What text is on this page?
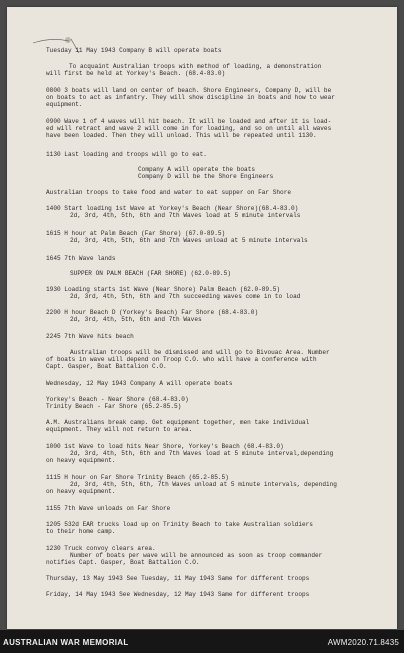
Tuesday 11 May 1943 Company B will operate boats
To acquaint Australian troops with method of loading, a demonstration
will first be held at Yorkey's Beach. (68.4-83.0)
0800 3 boats will land on center of beach. Shore Engineers, Company D, will be
on boats to act as infantry. They will show discipline in boats and how to wear
equipment.
0900 Wave 1 of 4 waves will hit beach. It will be loaded and after it is load-
ed will retract and wave 2 will come in for loading, and so on until all waves
have been loaded. Then they will unload. This will be repeated until 1130.
1130 Last loading and troops will go to eat.
Company A will operate the boats
Company D will be the Shore Engineers
Australian troops to take food and water to eat supper on Far Shore
1400 Start loading 1st Wave at Yorkey's Beach (Near Shore)(68.4-83.0)
2d, 3rd, 4th, 5th, 6th and 7th Waves load at 5 minute intervals
1615 H hour at Palm Beach (Far Shore) (67.0-89.5)
2d, 3rd, 4th, 5th, 6th and 7th Waves unload at 5 minute intervals
1645 7th Wave lands
SUPPER ON PALM BEACH (FAR SHORE) (62.0-89.5)
1930 Loading starts 1st Wave (Near Shore) Palm Beach (62.0-89.5)
2d, 3rd, 4th, 5th, 6th and 7th succeeding waves come in to load
2200 H hour Beach D (Yorkey's Beach) Far Shore (68.4-83.0)
2d, 3rd, 4th, 5th, 6th and 7th Waves
2245 7th Wave hits beach
Australian troops will be dismissed and will go to Bivouac Area. Number
of boats in wave will depend on Troop C.O. who will have a conference with
Capt. Gasper, Boat Battalion C.O.
Wednesday, 12 May 1943 Company A will operate boats
Yorkey's Beach - Near Shore (68.4-83.0)
Trinity Beach - Far Shore (65.2-85.5)
A.M. Australians break camp. Get equipment together, men take individual
equipment. They will not return to area.
1000 1st Wave to load hits Near Shore, Yorkey's Beach (68.4-83.0)
2d, 3rd, 4th, 5th, 6th and 7th Waves load at 5 minute interval,depending
on heavy equipment.
1115 H hour on Far Shore Trinity Beach (65.2-85.5)
2d, 3rd, 4th, 5th, 6th, 7th Waves unload at 5 minute intervals, depending
on heavy equipment.
1155 7th Wave unloads on Far Shore
1205 532d EAR trucks load up on Trinity Beach to take Australian soldiers
to their home camp.
1230 Truck convoy clears area.
Number of boats per wave will be announced as soon as troop commander
notifies Capt. Gasper, Boat Battalion C.O.
Thursday, 13 May 1943 See Tuesday, 11 May 1943 Same for different troops
Friday, 14 May 1943 See Wednesday, 12 May 1943 Same for different troops
AUSTRALIAN WAR MEMORIAL	AWM2020.71.8435
